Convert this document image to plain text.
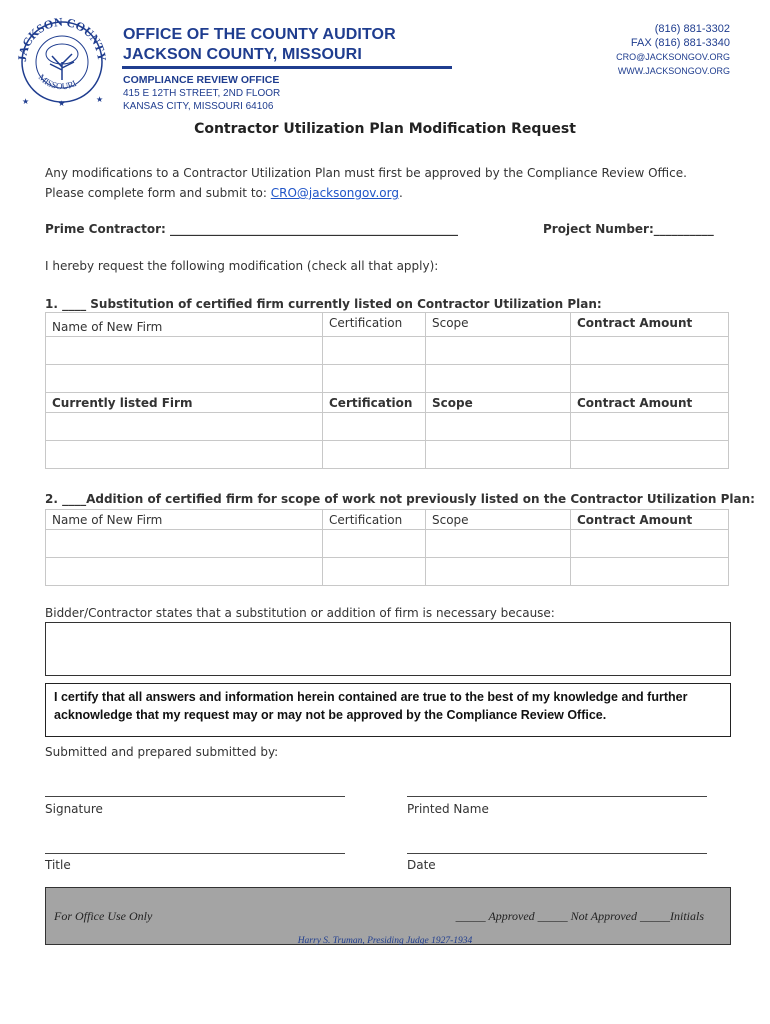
JACKSON COUNTY
MISSOURI
★	★	★
OFFICE OF THE COUNTY AUDITOR
JACKSON COUNTY, MISSOURI
COMPLIANCE REVIEW OFFICE
415 E 12TH STREET, 2ND FLOOR
KANSAS CITY, MISSOURI 64106
(816) 881-3302
FAX (816) 881-3340
CRO@JACKSONGOV.ORG
WWW.JACKSONGOV.ORG
Contractor Utilization Plan Modification Request
Any modifications to a Contractor Utilization Plan must first be approved by the Compliance Review Office. Please complete form and submit to: CRO@jacksongov.org.
Prime Contractor: ________________________________________________	Project Number:__________
I hereby request the following modification (check all that apply):
1. ____ Substitution of certified firm currently listed on Contractor Utilization Plan:
Name of New Firm	Certification	Scope	Contract Amount

Currently listed Firm	Certification	Scope	Contract Amount

2. ____Addition of certified firm for scope of work not previously listed on the Contractor Utilization Plan:
Name of New Firm	Certification	Scope	Contract Amount

Bidder/Contractor states that a substitution or addition of firm is necessary because:
I certify that all answers and information herein contained are true to the best of my knowledge and further acknowledge that my request may or may not be approved by the Compliance Review Office.
Submitted and prepared submitted by:
Signature	Printed Name
Title	Date
For Office Use Only	_____ Approved _____ Not Approved _____Initials
Harry S. Truman, Presiding Judge 1927-1934
